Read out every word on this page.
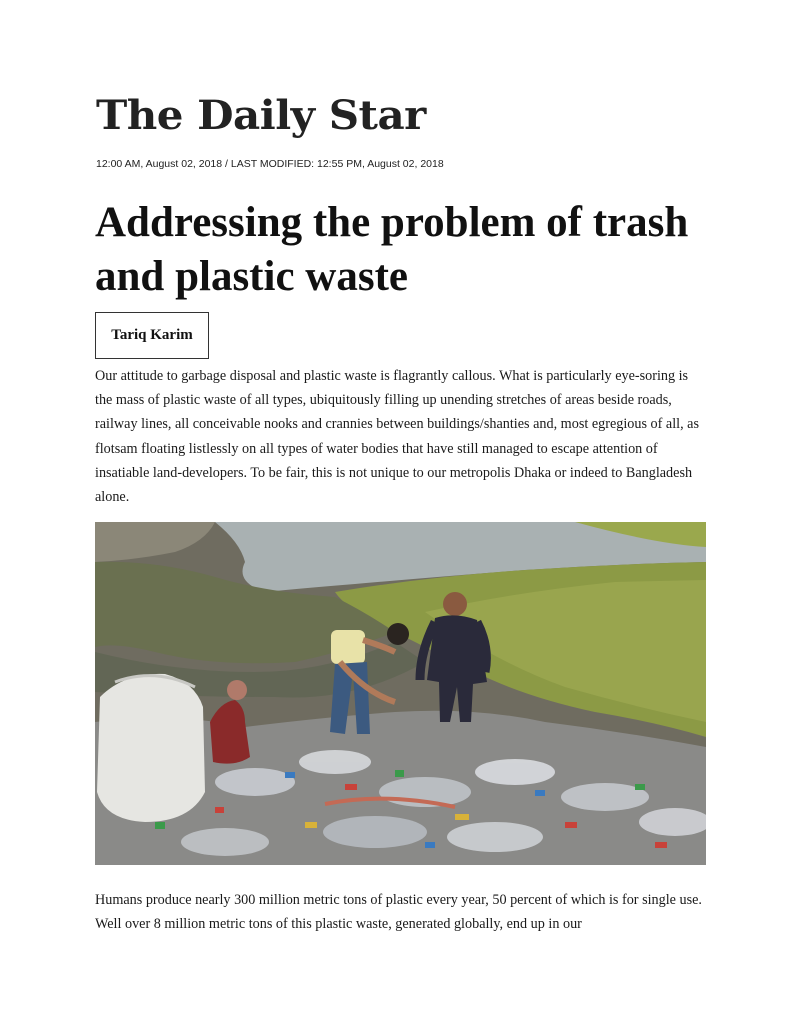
The Daily Star
12:00 AM, August 02, 2018 / LAST MODIFIED: 12:55 PM, August 02, 2018
Addressing the problem of trash and plastic waste
Tariq Karim

Our attitude to garbage disposal and plastic waste is flagrantly callous. What is particularly eye-soring is the mass of plastic waste of all types, ubiquitously filling up unending stretches of areas beside roads, railway lines, all conceivable nooks and crannies between buildings/shanties and, most egregious of all, as flotsam floating listlessly on all types of water bodies that have still managed to escape attention of insatiable land-developers. To be fair, this is not unique to our metropolis Dhaka or indeed to Bangladesh alone.

Humans produce nearly 300 million metric tons of plastic every year, 50 percent of which is for single use. Well over 8 million metric tons of this plastic waste, generated globally, end up in our
